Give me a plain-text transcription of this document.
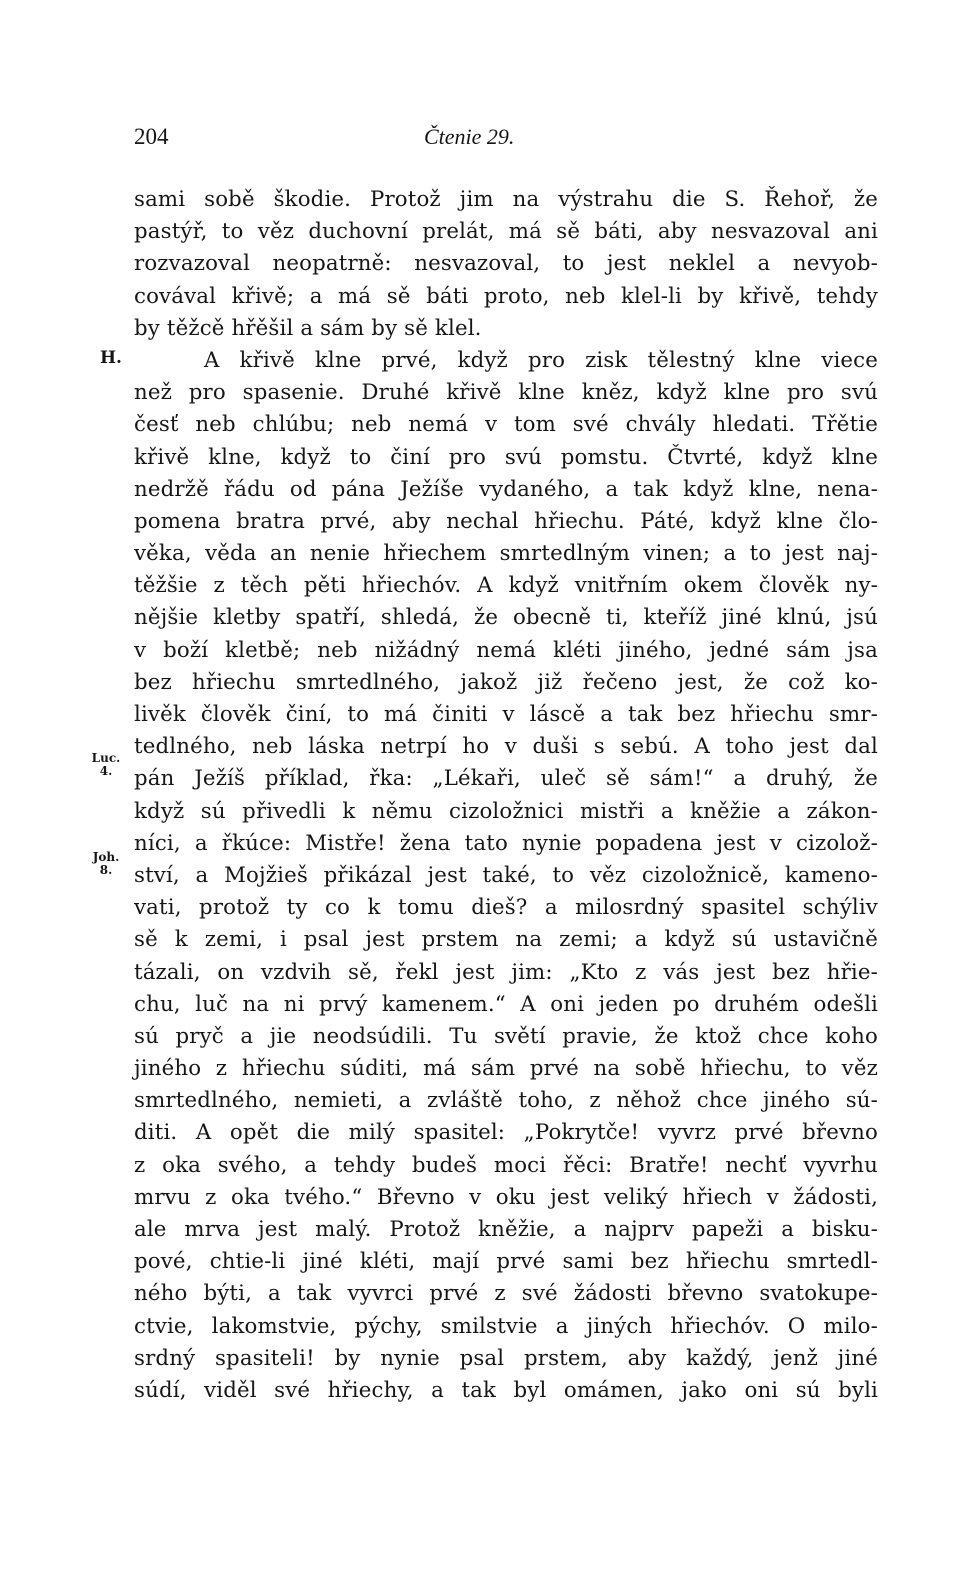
204	Čtenie 29.
H.
Luc.
4.
Joh.
8.
sami sobě škodie. Protož jim na výstrahu die S. Řehoř, že
pastýř, to věz duchovní prelát, má sě báti, aby nesvazoval ani
rozvazoval neopatrně: nesvazoval, to jest neklel a nevyob-
covával křivě; a má sě báti proto, neb klel-li by křivě, tehdy
by těžcě hřěšil a sám by sě klel.
A křivě klne prvé, když pro zisk tělestný klne viece
než pro spasenie. Druhé křivě klne kněz, když klne pro svú
česť neb chlúbu; neb nemá v tom své chvály hledati. Třětie
křivě klne, když to činí pro svú pomstu. Čtvrté, když klne
nedržě řádu od pána Ježíše vydaného, a tak když klne, nena-
pomena bratra prvé, aby nechal hřiechu. Páté, když klne člo-
věka, věda an nenie hřiechem smrtedlným vinen; a to jest naj-
těžšie z těch pěti hřiechóv. A když vnitřním okem člověk ny-
nějšie kletby spatří, shledá, že obecně ti, kteříž jiné klnú, jsú
v boží kletbě; neb nižádný nemá kléti jiného, jedné sám jsa
bez hřiechu smrtedlného, jakož již řečeno jest, že což ko-
livěk člověk činí, to má činiti v láscě a tak bez hřiechu smr-
tedlného, neb láska netrpí ho v duši s sebú. A toho jest dal
pán Ježíš příklad, řka: „Lékaři, uleč sě sám!“ a druhý, že
když sú přivedli k němu cizoložnici mistři a kněžie a zákon-
níci, a řkúce: Mistře! žena tato nynie popadena jest v cizolož-
ství, a Mojžieš přikázal jest také, to věz cizoložnicě, kameno-
vati, protož ty co k tomu dieš? a milosrdný spasitel schýliv
sě k zemi, i psal jest prstem na zemi; a když sú ustavičně
tázali, on vzdvih sě, řekl jest jim: „Kto z vás jest bez hřie-
chu, luč na ni prvý kamenem.“ A oni jeden po druhém odešli
sú pryč a jie neodsúdili. Tu světí pravie, že ktož chce koho
jiného z hřiechu súditi, má sám prvé na sobě hřiechu, to věz
smrtedlného, nemieti, a zvláště toho, z něhož chce jiného sú-
diti. A opět die milý spasitel: „Pokrytče! vyvrz prvé břevno
z oka svého, a tehdy budeš moci řěci: Bratře! nechť vyvrhu
mrvu z oka tvého.“ Břevno v oku jest veliký hřiech v žádosti,
ale mrva jest malý. Protož kněžie, a najprv papeži a bisku-
pové, chtie-li jiné kléti, mají prvé sami bez hřiechu smrtedl-
ného býti, a tak vyvrci prvé z své žádosti břevno svatokupe-
ctvie, lakomstvie, pýchy, smilstvie a jiných hřiechóv. O milo-
srdný spasiteli! by nynie psal prstem, aby každý, jenž jiné
súdí, viděl své hřiechy, a tak byl omámen, jako oni sú byli
